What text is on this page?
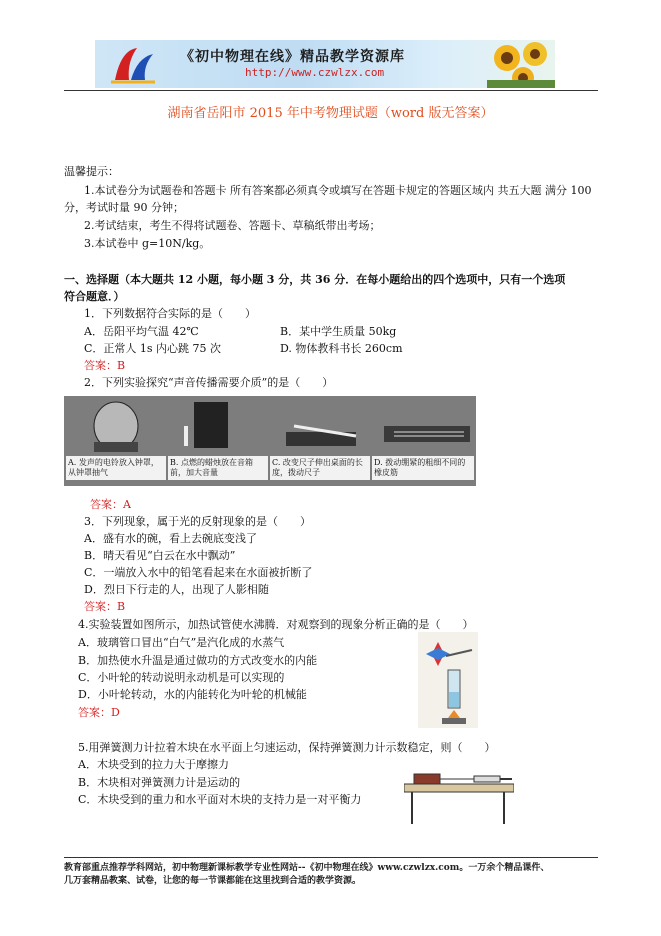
《初中物理在线》精品教学资源库
http://www.czwlzx.com
湖南省岳阳市 2015 年中考物理试题（word 版无答案）
温馨提示：
1.本试卷分为试题卷和答题卡 所有答案都必须真令或填写在答题卡规定的答题区域内 共五大题 满分 100
分，考试时量 90 分钟；
2.考试结束，考生不得将试题卷、答题卡、草稿纸带出考场；
3.本试卷中 g=10N/kg。
一、选择题（本大题共 12 小题，每小题 3 分，共 36 分．在每小题给出的四个选项中，只有一个选项
符合题意．）
1．下列数据符合实际的是（　　）
A．岳阳平均气温 42℃	B．某中学生质量 50kg
C．正常人 1s 内心跳 75 次	D. 物体教科书长 260cm
答案：B
2．下列实验探究“声音传播需要介质”的是（　　）
A. 发声的电铃放入钟罩，从钟罩抽气
B. 点燃的蜡烛放在音箱前，加大音量
C. 改变尺子伸出桌面的长度，拨动尺子
D. 拨动绷紧的粗细不同的橡皮筋
答案：A
3．下列现象，属于光的反射现象的是（　　）
A．盛有水的碗，看上去碗底变浅了
B．晴天看见“白云在水中飘动”
C．一端放入水中的铅笔看起来在水面被折断了
D．烈日下行走的人，出现了人影相随
答案：B
4.实验装置如图所示，加热试管使水沸腾．对观察到的现象分析正确的是（　　）
A．玻璃管口冒出“白气”是汽化成的水蒸气
B．加热使水升温是通过做功的方式改变水的内能
C．小叶轮的转动说明永动机是可以实现的
D．小叶轮转动，水的内能转化为叶轮的机械能
答案：D
5.用弹簧测力计拉着木块在水平面上匀速运动，保持弹簧测力计示数稳定，则（　　）
A．木块受到的拉力大于摩擦力
B．木块相对弹簧测力计是运动的
C．木块受到的重力和水平面对木块的支持力是一对平衡力
教育部重点推荐学科网站，初中物理新课标教学专业性网站--《初中物理在线》www.czwlzx.com。一万余个精品课件、
几万套精品教案、试卷，让您的每一节课都能在这里找到合适的教学资源。
